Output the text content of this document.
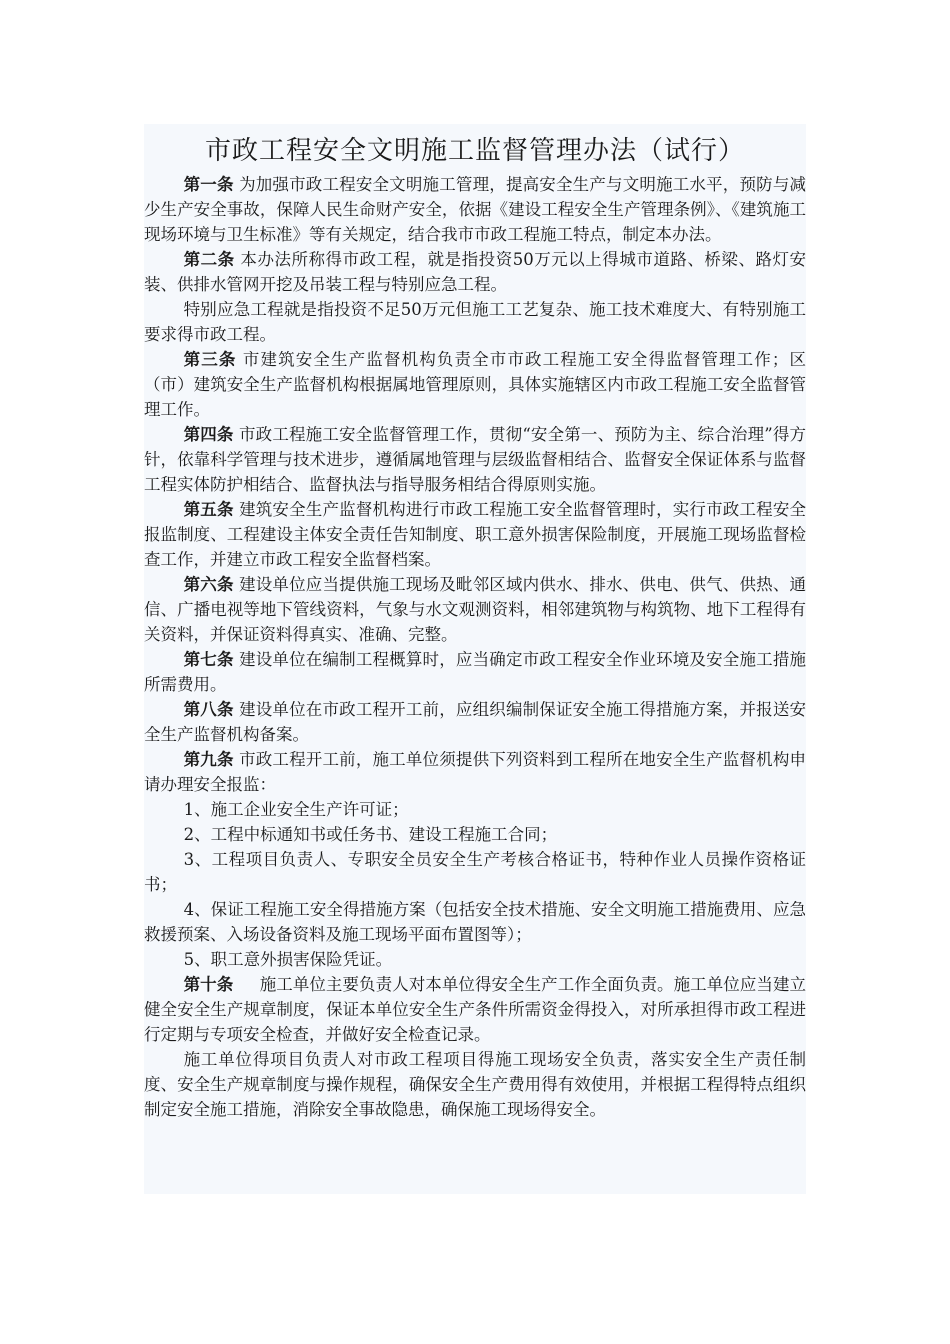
市政工程安全文明施工监督管理办法（试行）

第一条 为加强市政工程安全文明施工管理，提高安全生产与文明施工水平，预防与减少生产安全事故，保障人民生命财产安全，依据《建设工程安全生产管理条例》、《建筑施工现场环境与卫生标准》等有关规定，结合我市市政工程施工特点，制定本办法。

第二条 本办法所称得市政工程，就是指投资50万元以上得城市道路、桥梁、路灯安装、供排水管网开挖及吊装工程与特别应急工程。

特别应急工程就是指投资不足50万元但施工工艺复杂、施工技术难度大、有特别施工要求得市政工程。

第三条 市建筑安全生产监督机构负责全市市政工程施工安全得监督管理工作；区（市）建筑安全生产监督机构根据属地管理原则，具体实施辖区内市政工程施工安全监督管理工作。

第四条 市政工程施工安全监督管理工作，贯彻“安全第一、预防为主、综合治理”得方针，依靠科学管理与技术进步，遵循属地管理与层级监督相结合、监督安全保证体系与监督工程实体防护相结合、监督执法与指导服务相结合得原则实施。

第五条 建筑安全生产监督机构进行市政工程施工安全监督管理时，实行市政工程安全报监制度、工程建设主体安全责任告知制度、职工意外损害保险制度，开展施工现场监督检查工作，并建立市政工程安全监督档案。

第六条 建设单位应当提供施工现场及毗邻区域内供水、排水、供电、供气、供热、通信、广播电视等地下管线资料，气象与水文观测资料，相邻建筑物与构筑物、地下工程得有关资料，并保证资料得真实、准确、完整。

第七条 建设单位在编制工程概算时，应当确定市政工程安全作业环境及安全施工措施所需费用。

第八条 建设单位在市政工程开工前，应组织编制保证安全施工得措施方案，并报送安全生产监督机构备案。

第九条 市政工程开工前，施工单位须提供下列资料到工程所在地安全生产监督机构申请办理安全报监：

1、施工企业安全生产许可证；

2、工程中标通知书或任务书、建设工程施工合同；

3、工程项目负责人、专职安全员安全生产考核合格证书，特种作业人员操作资格证书；

4、保证工程施工安全得措施方案（包括安全技术措施、安全文明施工措施费用、应急救援预案、入场设备资料及施工现场平面布置图等）；

5、职工意外损害保险凭证。

第十条 施工单位主要负责人对本单位得安全生产工作全面负责。施工单位应当建立健全安全生产规章制度，保证本单位安全生产条件所需资金得投入，对所承担得市政工程进行定期与专项安全检查，并做好安全检查记录。

施工单位得项目负责人对市政工程项目得施工现场安全负责，落实安全生产责任制度、安全生产规章制度与操作规程，确保安全生产费用得有效使用，并根据工程得特点组织制定安全施工措施，消除安全事故隐患，确保施工现场得安全。
